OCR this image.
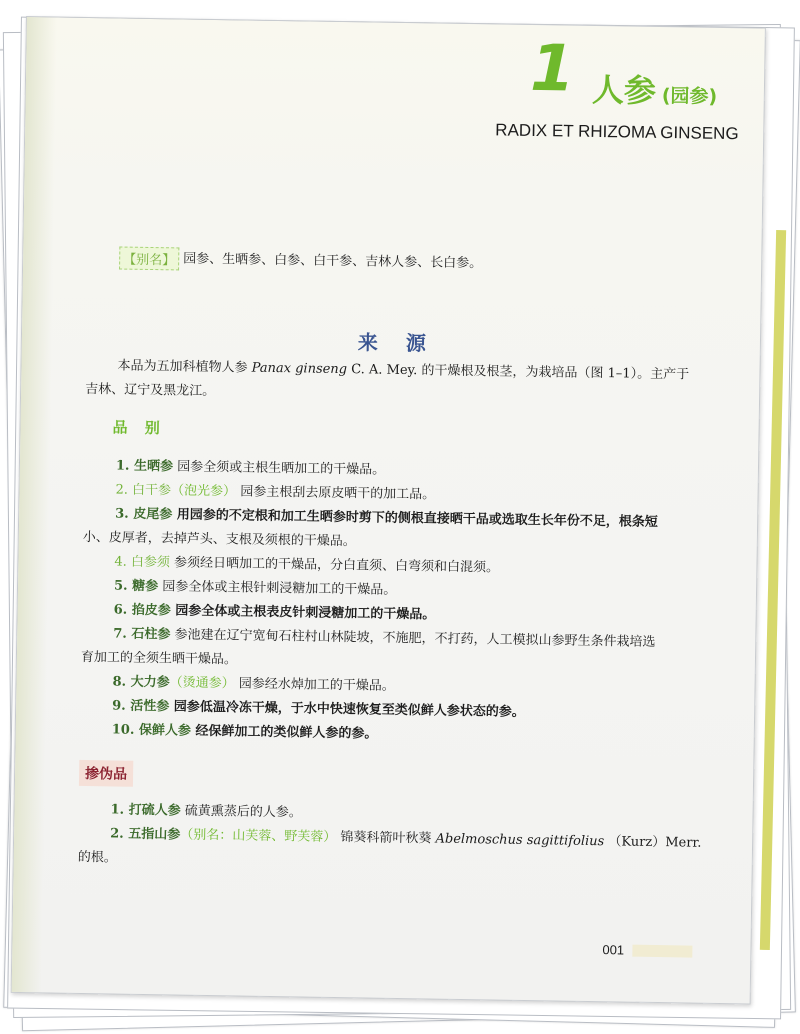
1 人参 (园参)
RADIX ET RHIZOMA GINSENG
【别名】 园参、生晒参、白参、白干参、吉林人参、长白参。
来源
本品为五加科植物人参 Panax ginseng C. A. Mey. 的干燥根及根茎，为栽培品（图 1–1）。主产于
吉林、辽宁及黑龙江。
品 别
1. 生晒参 园参全须或主根生晒加工的干燥品。
2. 白干参（泡光参） 园参主根刮去原皮晒干的加工品。
3. 皮尾参 用园参的不定根和加工生晒参时剪下的侧根直接晒干品或选取生长年份不足，根条短
小、皮厚者，去掉芦头、支根及须根的干燥品。
4. 白参须 参须经日晒加工的干燥品，分白直须、白弯须和白混须。
5. 糖参 园参全体或主根针刺浸糖加工的干燥品。
6. 掐皮参 园参全体或主根表皮针刺浸糖加工的干燥品。
7. 石柱参 参池建在辽宁宽甸石柱村山林陡坡，不施肥，不打药，人工模拟山参野生条件栽培选
育加工的全须生晒干燥品。
8. 大力参（烫通参） 园参经水焯加工的干燥品。
9. 活性参 园参低温冷冻干燥，于水中快速恢复至类似鲜人参状态的参。
10. 保鲜人参 经保鲜加工的类似鲜人参的参。
掺伪品
1. 打硫人参 硫黄熏蒸后的人参。
2. 五指山参（别名：山芙蓉、野芙蓉） 锦葵科箭叶秋葵 Abelmoschus sagittifolius （Kurz）Merr.
的根。
001
